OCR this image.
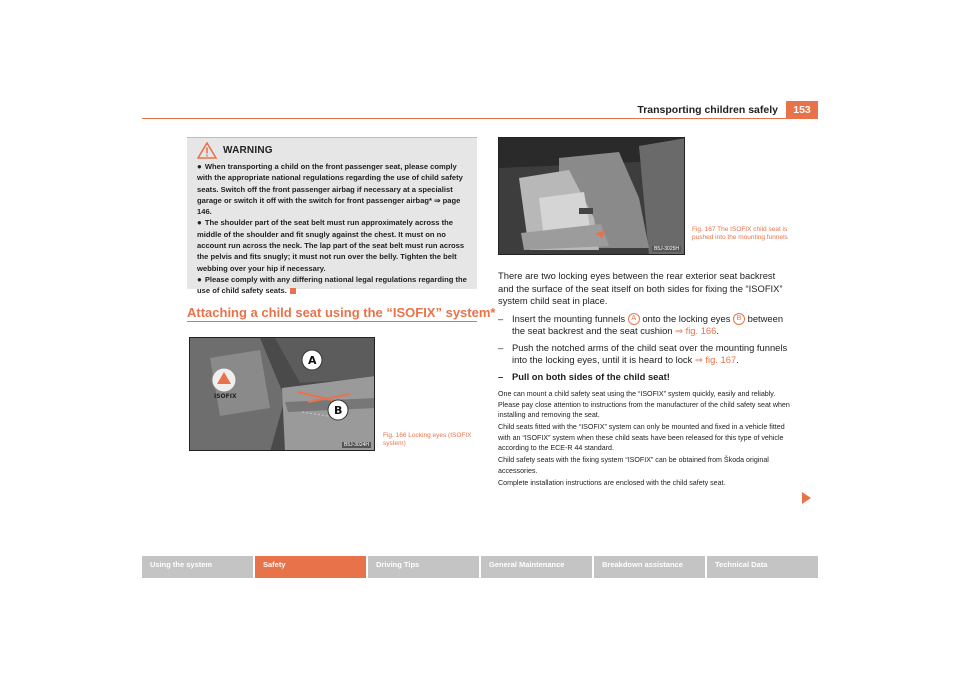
Transporting children safely	153
WARNING

● When transporting a child on the front passenger seat, please comply with the appropriate national regulations regarding the use of child safety seats. Switch off the front passenger airbag if necessary at a specialist garage or switch it off with the switch for front passenger airbag* ⇒ page 146.

● The shoulder part of the seat belt must run approximately across the middle of the shoulder and fit snugly against the chest. It must on no account run across the neck. The lap part of the seat belt must run across the pelvis and fits snugly; it must not run over the belly. Tighten the belt webbing over your hip if necessary.

● Please comply with any differing national legal regulations regarding the use of child safety seats.

Attaching a child seat using the “ISOFIX” system*
ISOFIX
A
B
B5J-3024H
Fig. 166 Locking eyes (ISOFIX system)
B5J-3025H
Fig. 167 The ISOFIX child seat is pushed into the mounting funnels

There are two locking eyes between the rear exterior seat backrest and the surface of the seat itself on both sides for fixing the “ISOFIX” system child seat in place.

– Insert the mounting funnels A onto the locking eyes B between the seat backrest and the seat cushion ⇒ fig. 166.
– Push the notched arms of the child seat over the mounting funnels into the locking eyes, until it is heard to lock ⇒ fig. 167.
– Pull on both sides of the child seat!

One can mount a child safety seat using the “ISOFIX” system quickly, easily and reliably. Please pay close attention to instructions from the manufacturer of the child safety seat when installing and removing the seat.

Child seats fitted with the “ISOFIX” system can only be mounted and fixed in a vehicle fitted with an “ISOFIX” system when these child seats have been released for this type of vehicle according to the ECE-R 44 standard.

Child safety seats with the fixing system “ISOFIX” can be obtained from Škoda original accessories.

Complete installation instructions are enclosed with the child safety seat.

Using the system	Safety	Driving Tips	General Maintenance	Breakdown assistance	Technical Data
